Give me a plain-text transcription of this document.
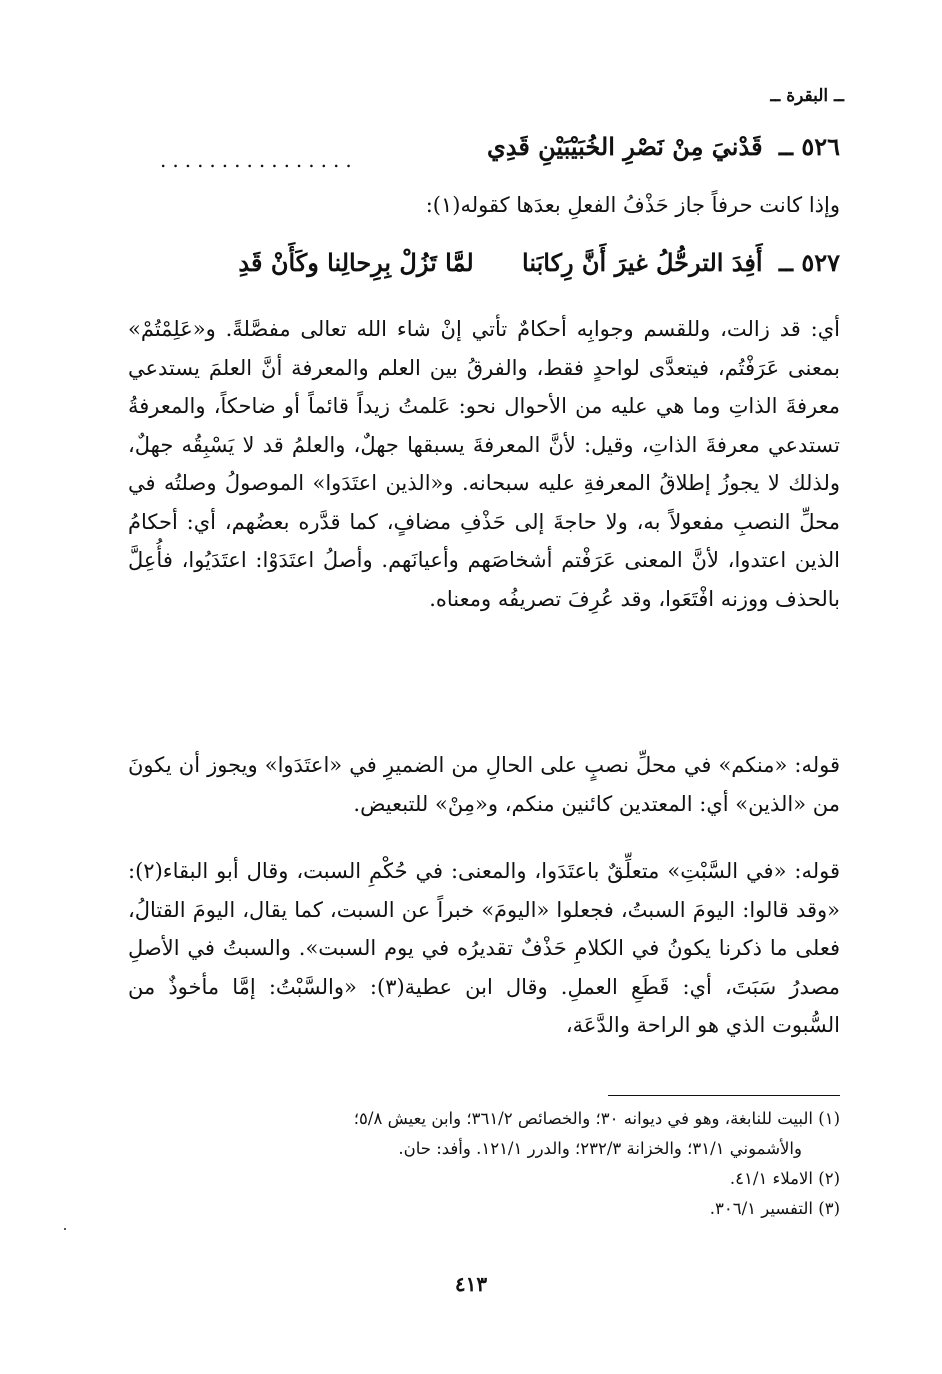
ــ البقرة ــ
٥٢٦ ــ قَدْنيَ مِنْ نَصْرِ الخُبَيْبَيْنِ قَدِي
................
وإذا كانت حرفاً جاز حَذْفُ الفعلِ بعدَها كقوله(١):
٥٢٧ ــ أَفِدَ الترحُّلُ غيرَ أَنَّ رِكابَنا لمَّا تَزُلْ بِرِحالِنا وكَأَنْ قَدِ
أي: قد زالت، وللقسم وجوابِه أحكامٌ تأتي إنْ شاء الله تعالى مفصَّلةً. و«عَلِمْتُمْ» بمعنى عَرَفْتُم، فيتعدَّى لواحدٍ فقط، والفرقُ بين العلم والمعرفة أنَّ العلمَ يستدعي معرفةَ الذاتِ وما هي عليه من الأحوال نحو: عَلمتُ زيداً قائماً أو ضاحكاً، والمعرفةُ تستدعي معرفةَ الذاتِ، وقيل: لأنَّ المعرفةَ يسبقها جهلٌ، والعلمُ قد لا يَسْبِقُه جهلٌ، ولذلك لا يجوزُ إطلاقُ المعرفةِ عليه سبحانه. و«الذين اعتَدَوا» الموصولُ وصلتُه في محلِّ النصبِ مفعولاً به، ولا حاجةَ إلى حَذْفِ مضافٍ، كما قدَّره بعضُهم، أي: أحكامُ الذين اعتدوا، لأنَّ المعنى عَرَفْتم أشخاصَهم وأعيانَهم. وأصلُ اعتَدَوْا: اعتَدَيُوا، فأُعِلَّ بالحذف ووزنه افْتَعَوا، وقد عُرِفَ تصريفُه ومعناه.
قوله: «منكم» في محلِّ نصبٍ على الحالِ من الضميرِ في «اعتَدَوا» ويجوز أن يكونَ من «الذين» أي: المعتدين كائنين منكم، و«مِنْ» للتبعيض.
قوله: «في السَّبْتِ» متعلِّقٌ باعتَدَوا، والمعنى: في حُكْمِ السبت، وقال أبو البقاء(٢): «وقد قالوا: اليومَ السبتُ، فجعلوا «اليومَ» خبراً عن السبت، كما يقال، اليومَ القتالُ، فعلى ما ذكرنا يكونُ في الكلامِ حَذْفٌ تقديرُه في يوم السبت». والسبتُ في الأصلِ مصدرُ سَبَتَ، أي: قَطَعِ العملِ. وقال ابن عطية(٣): «والسَّبْتُ: إمَّا مأخوذٌ من السُّبوت الذي هو الراحة والدَّعَة،
(١) البيت للنابغة، وهو في ديوانه ٣٠؛ والخصائص ٣٦١/٢؛ وابن يعيش ٥/٨؛
والأشموني ٣١/١؛ والخزانة ٢٣٢/٣؛ والدرر ١٢١/١. وأفد: حان.
(٢) الاملاء ٤١/١.
(٣) التفسير ٣٠٦/١.
٤١٣
